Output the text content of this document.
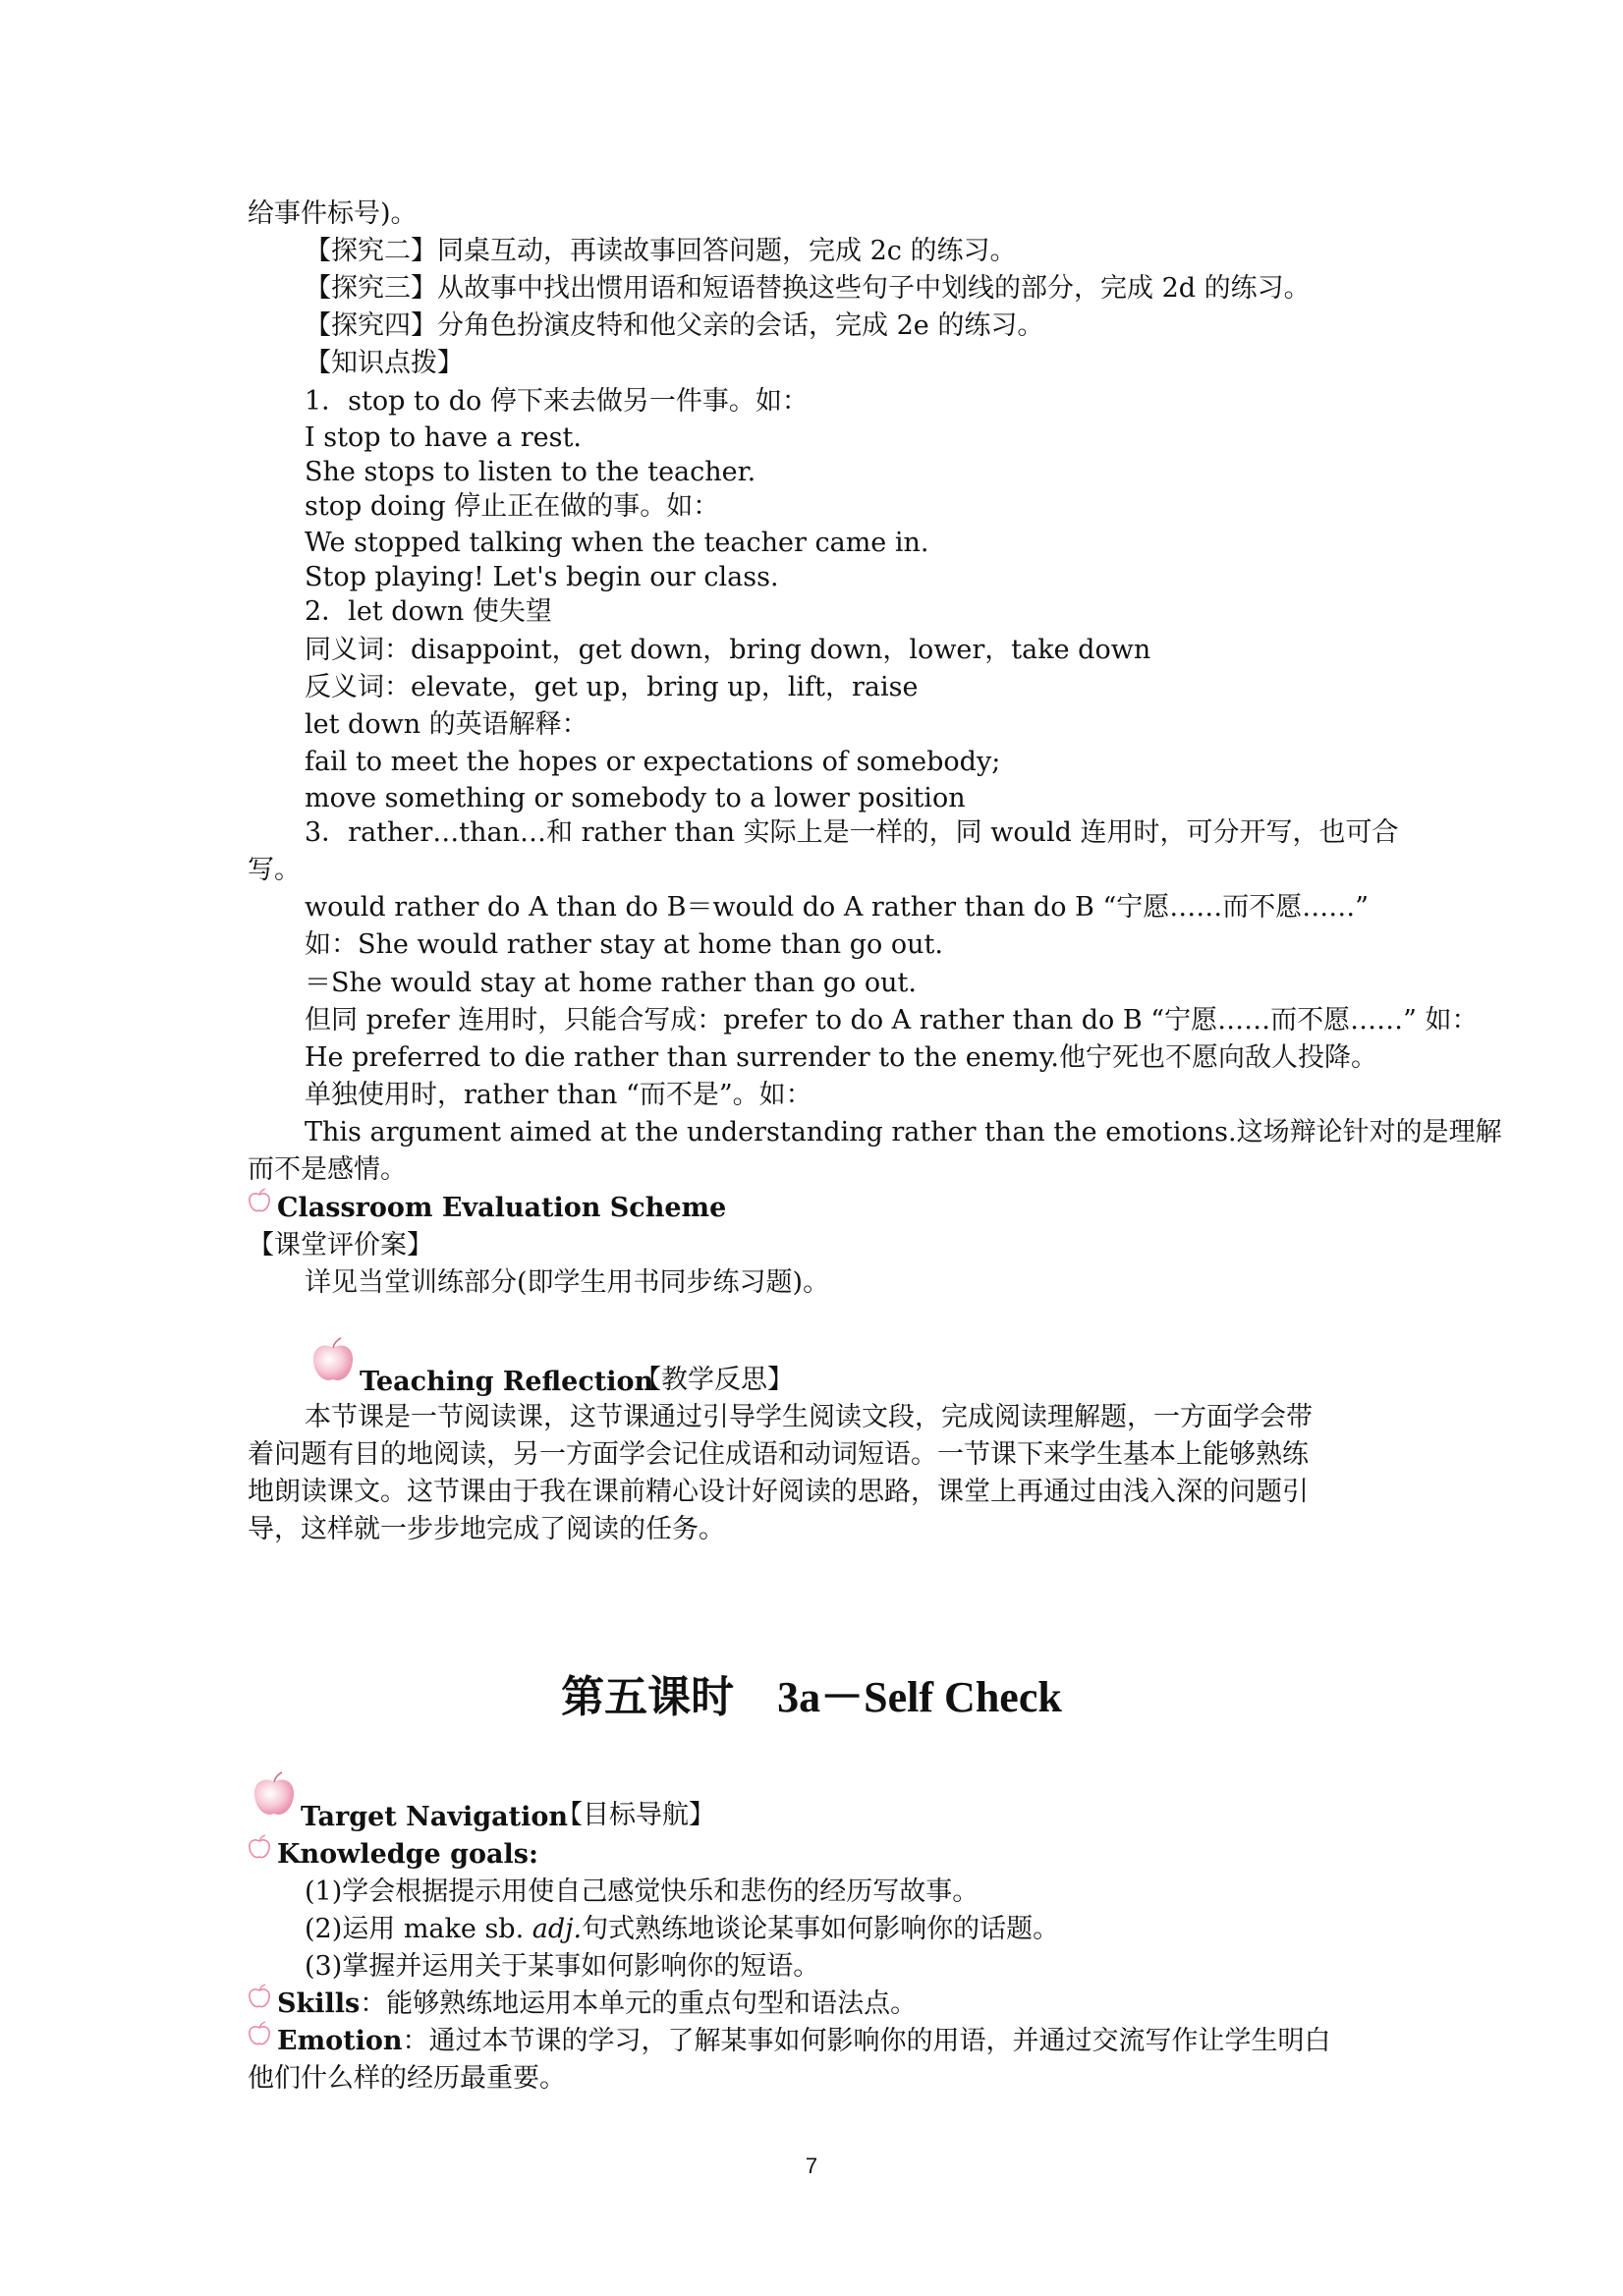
给事件标号)。
【探究二】同桌互动，再读故事回答问题，完成 2c 的练习。
【探究三】从故事中找出惯用语和短语替换这些句子中划线的部分，完成 2d 的练习。
【探究四】分角色扮演皮特和他父亲的会话，完成 2e 的练习。
【知识点拨】
1．stop to do 停下来去做另一件事。如：
I stop to have a rest.
She stops to listen to the teacher.
stop doing 停止正在做的事。如：
We stopped talking when the teacher came in.
Stop playing! Let's begin our class.
2．let down 使失望
同义词：disappoint，get down，bring down，lower，take down
反义词：elevate，get up，bring up，lift，raise
let down 的英语解释：
fail to meet the hopes or expectations of somebody;
move something or somebody to a lower position
3．rather…than…和 rather than 实际上是一样的，同 would 连用时，可分开写，也可合
写。
would rather do A than do B＝would do A rather than do B “宁愿……而不愿……”
如：She would rather stay at home than go out.
＝She would stay at home rather than go out.
但同 prefer 连用时，只能合写成：prefer to do A rather than do B “宁愿……而不愿……” 如：
He preferred to die rather than surrender to the enemy.他宁死也不愿向敌人投降。
单独使用时，rather than “而不是”。如：
This argument aimed at the understanding rather than the emotions.这场辩论针对的是理解
而不是感情。
Classroom Evaluation Scheme
【课堂评价案】
详见当堂训练部分(即学生用书同步练习题)。
Teaching Reflection
【教学反思】
本节课是一节阅读课，这节课通过引导学生阅读文段，完成阅读理解题，一方面学会带
着问题有目的地阅读，另一方面学会记住成语和动词短语。一节课下来学生基本上能够熟练
地朗读课文。这节课由于我在课前精心设计好阅读的思路，课堂上再通过由浅入深的问题引
导，这样就一步步地完成了阅读的任务。
第五课时　3a－Self Check
Target Navigation
【目标导航】
Knowledge goals:
(1)学会根据提示用使自己感觉快乐和悲伤的经历写故事。
(2)运用 make sb. adj.句式熟练地谈论某事如何影响你的话题。
(3)掌握并运用关于某事如何影响你的短语。
Skills：能够熟练地运用本单元的重点句型和语法点。
Emotion：通过本节课的学习，了解某事如何影响你的用语，并通过交流写作让学生明白
他们什么样的经历最重要。
7
